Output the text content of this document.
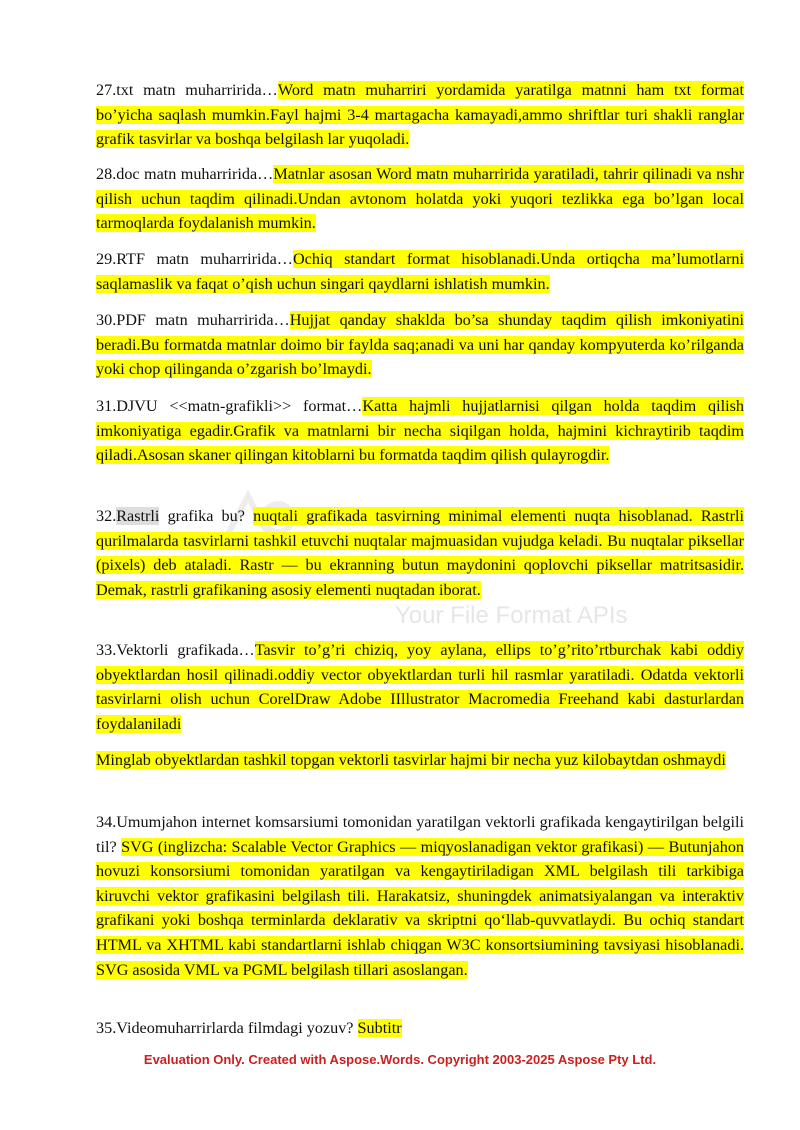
Your File Format APIs

27.txt matn muharririda…Word matn muharriri yordamida yaratilga matnni ham txt format bo’yicha saqlash mumkin.Fayl hajmi 3-4 martagacha kamayadi,ammo shriftlar turi shakli ranglar grafik tasvirlar va boshqa belgilash lar yuqoladi.

28.doc matn muharririda…Matnlar asosan Word matn muharririda yaratiladi, tahrir qilinadi va nshr qilish uchun taqdim qilinadi.Undan avtonom holatda yoki yuqori tezlikka ega bo’lgan local tarmoqlarda foydalanish mumkin.

29.RTF matn muharririda…Ochiq standart format hisoblanadi.Unda ortiqcha ma’lumotlarni saqlamaslik va faqat o’qish uchun singari qaydlarni ishlatish mumkin.

30.PDF matn muharririda…Hujjat qanday shaklda bo’sa shunday taqdim qilish imkoniyatini beradi.Bu formatda matnlar doimo bir faylda saq;anadi va uni har qanday kompyuterda ko’rilganda yoki chop qilinganda o’zgarish bo’lmaydi.

31.DJVU <<matn-grafikli>> format…Katta hajmli hujjatlarnisi qilgan holda taqdim qilish imkoniyatiga egadir.Grafik va matnlarni bir necha siqilgan holda, hajmini kichraytirib taqdim qiladi.Asosan skaner qilingan kitoblarni bu formatda taqdim qilish qulayrogdir.

32.Rastrli grafika bu? nuqtali grafikada tasvirning minimal elementi nuqta hisoblanad. Rastrli qurilmalarda tasvirlarni tashkil etuvchi nuqtalar majmuasidan vujudga keladi. Bu nuqtalar piksellar (pixels) deb ataladi. Rastr — bu ekranning butun maydonini qoplovchi piksellar matritsasidir. Demak, rastrli grafikaning asosiy elementi nuqtadan iborat.

33.Vektorli grafikada…Tasvir to’g’ri chiziq, yoy aylana, ellips to’g’rito’rtburchak kabi oddiy obyektlardan hosil qilinadi.oddiy vector obyektlardan turli hil rasmlar yaratiladi. Odatda vektorli tasvirlarni olish uchun CorelDraw Adobe IIllustrator Macromedia Freehand kabi dasturlardan foydalaniladi

Minglab obyektlardan tashkil topgan vektorli tasvirlar hajmi bir necha yuz kilobaytdan oshmaydi

34.Umumjahon internet komsarsiumi tomonidan yaratilgan vektorli grafikada kengaytirilgan belgili til? SVG (inglizcha: Scalable Vector Graphics — miqyoslanadigan vektor grafikasi) — Butunjahon hovuzi konsorsiumi tomonidan yaratilgan va kengaytiriladigan XML belgilash tili tarkibiga kiruvchi vektor grafikasini belgilash tili. Harakatsiz, shuningdek animatsiyalangan va interaktiv grafikani yoki boshqa terminlarda deklarativ va skriptni qo‘llab-quvvatlaydi. Bu ochiq standart HTML va XHTML kabi standartlarni ishlab chiqgan W3C konsortsiumining tavsiyasi hisoblanadi. SVG asosida VML va PGML belgilash tillari asoslangan.

35.Videomuharrirlarda filmdagi yozuv? Subtitr

Evaluation Only. Created with Aspose.Words. Copyright 2003-2025 Aspose Pty Ltd.
